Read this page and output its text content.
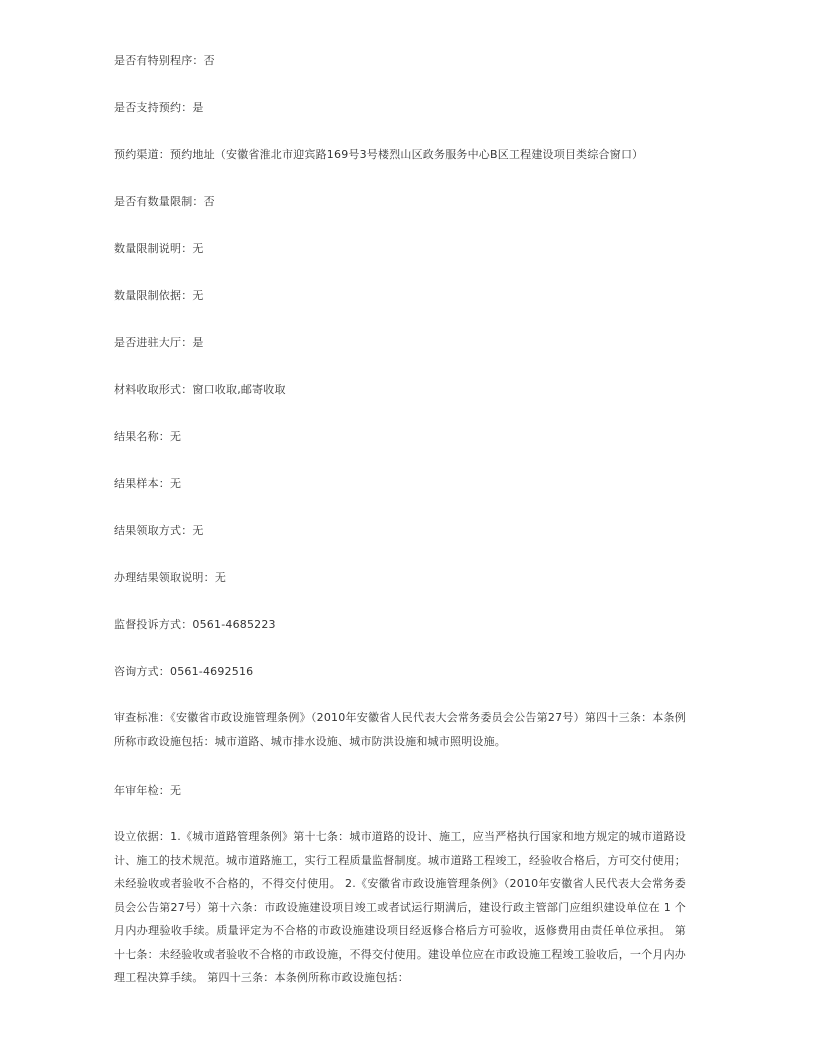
是否有特别程序：否
是否支持预约：是
预约渠道：预约地址（安徽省淮北市迎宾路169号3号楼烈山区政务服务中心B区工程建设项目类综合窗口）
是否有数量限制：否
数量限制说明：无
数量限制依据：无
是否进驻大厅：是
材料收取形式：窗口收取,邮寄收取
结果名称：无
结果样本：无
结果领取方式：无
办理结果领取说明：无
监督投诉方式：0561-4685223
咨询方式：0561-4692516
审查标准：《安徽省市政设施管理条例》（2010年安徽省人民代表大会常务委员会公告第27号）第四十三条：本条例所称市政设施包括：城市道路、城市排水设施、城市防洪设施和城市照明设施。
年审年检：无
设立依据：1.《城市道路管理条例》第十七条：城市道路的设计、施工，应当严格执行国家和地方规定的城市道路设计、施工的技术规范。城市道路施工，实行工程质量监督制度。城市道路工程竣工，经验收合格后，方可交付使用；未经验收或者验收不合格的，不得交付使用。 2.《安徽省市政设施管理条例》（2010年安徽省人民代表大会常务委员会公告第27号）第十六条：市政设施建设项目竣工或者试运行期满后，建设行政主管部门应组织建设单位在 1 个月内办理验收手续。质量评定为不合格的市政设施建设项目经返修合格后方可验收，返修费用由责任单位承担。 第十七条：未经验收或者验收不合格的市政设施，不得交付使用。建设单位应在市政设施工程竣工验收后，一个月内办理工程决算手续。 第四十三条：本条例所称市政设施包括：
